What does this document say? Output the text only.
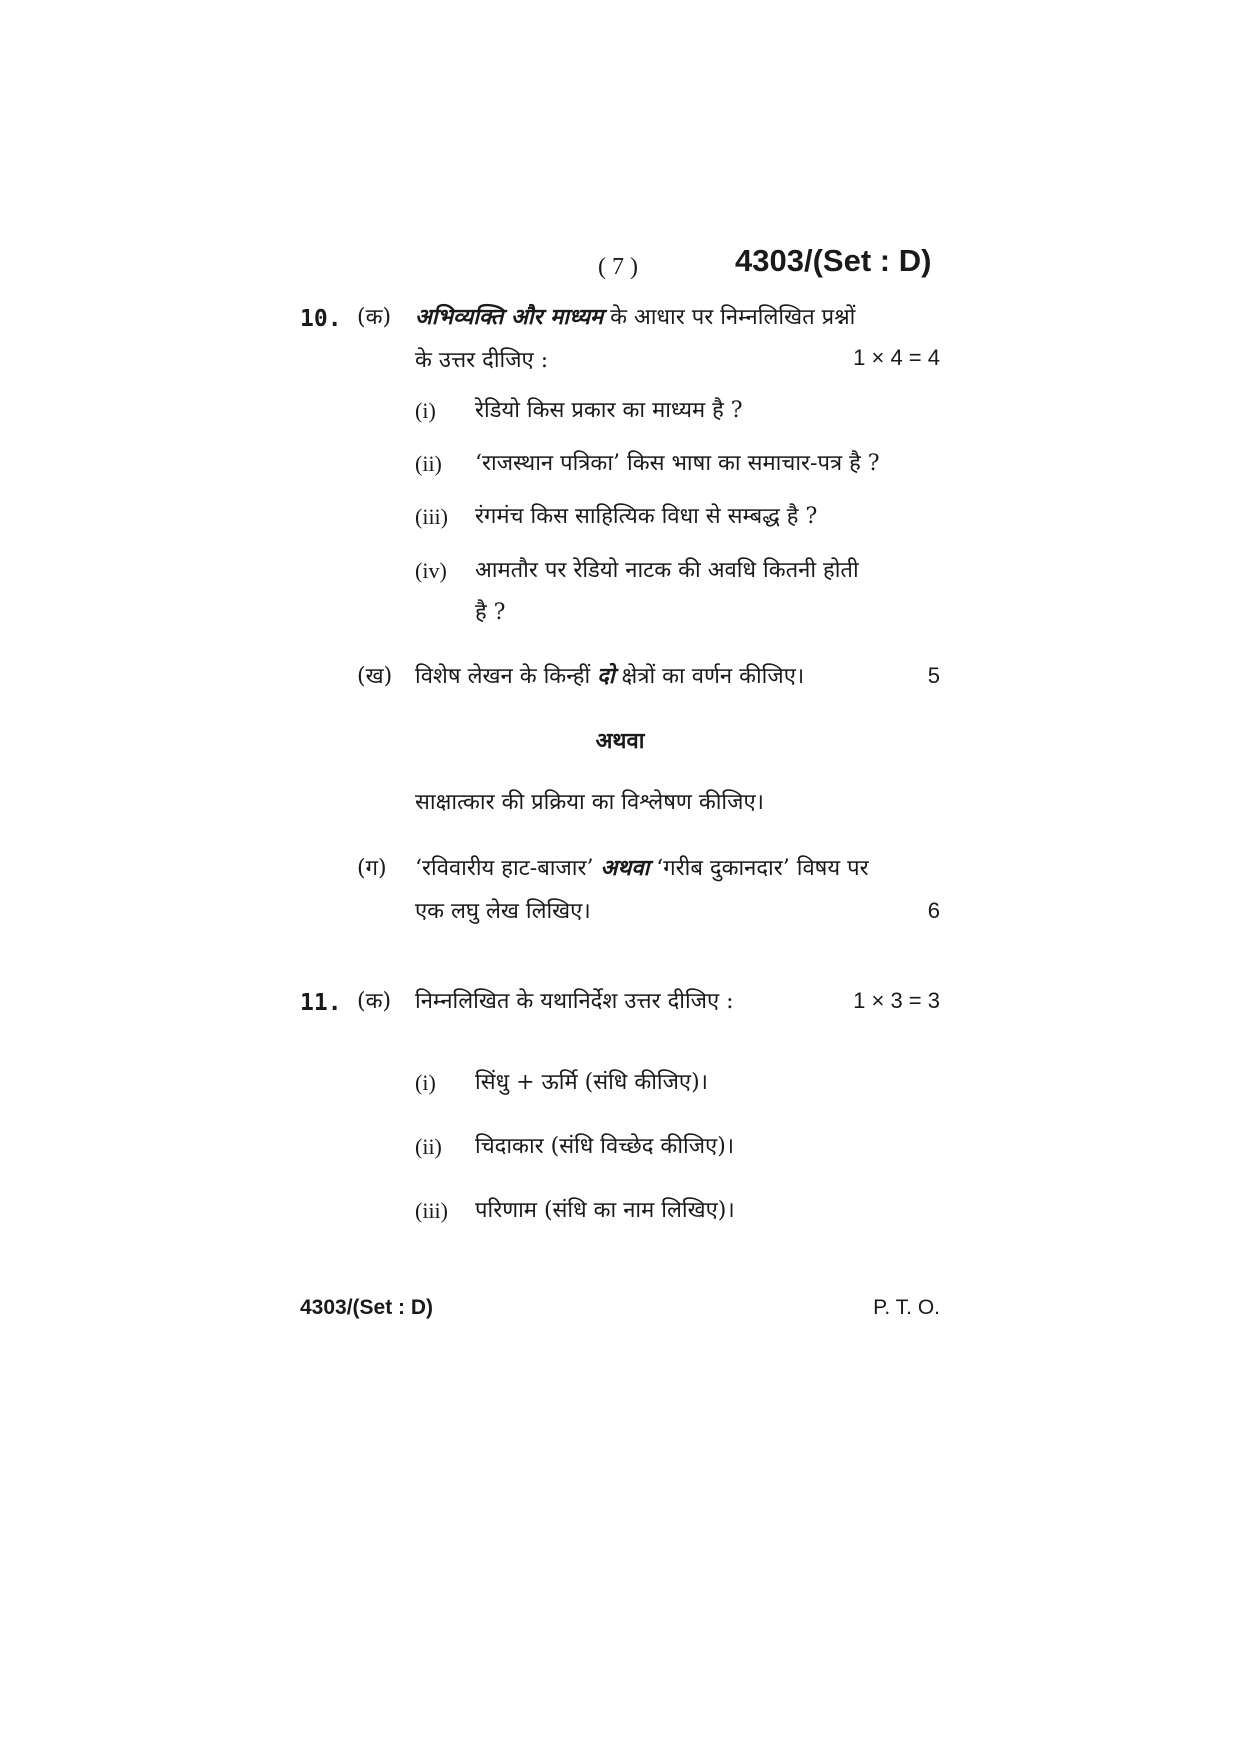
( 7 )	4303/(Set : D)
10. (क) अभिव्यक्ति और माध्यम के आधार पर निम्नलिखित प्रश्नों
के उत्तर दीजिए :	1 × 4 = 4
(i) रेडियो किस प्रकार का माध्यम है ?
(ii) ‘राजस्थान पत्रिका’ किस भाषा का समाचार-पत्र है ?
(iii) रंगमंच किस साहित्यिक विधा से सम्बद्ध है ?
(iv) आमतौर पर रेडियो नाटक की अवधि कितनी होती
है ?
(ख) विशेष लेखन के किन्हीं दो क्षेत्रों का वर्णन कीजिए।	5
अथवा
साक्षात्कार की प्रक्रिया का विश्लेषण कीजिए।
(ग) ‘रविवारीय हाट-बाजार’ अथवा ‘गरीब दुकानदार’ विषय पर
एक लघु लेख लिखिए।	6
11. (क) निम्नलिखित के यथानिर्देश उत्तर दीजिए :	1 × 3 = 3
(i) सिंधु + ऊर्मि (संधि कीजिए)।
(ii) चिदाकार (संधि विच्छेद कीजिए)।
(iii) परिणाम (संधि का नाम लिखिए)।
4303/(Set : D)	P. T. O.
